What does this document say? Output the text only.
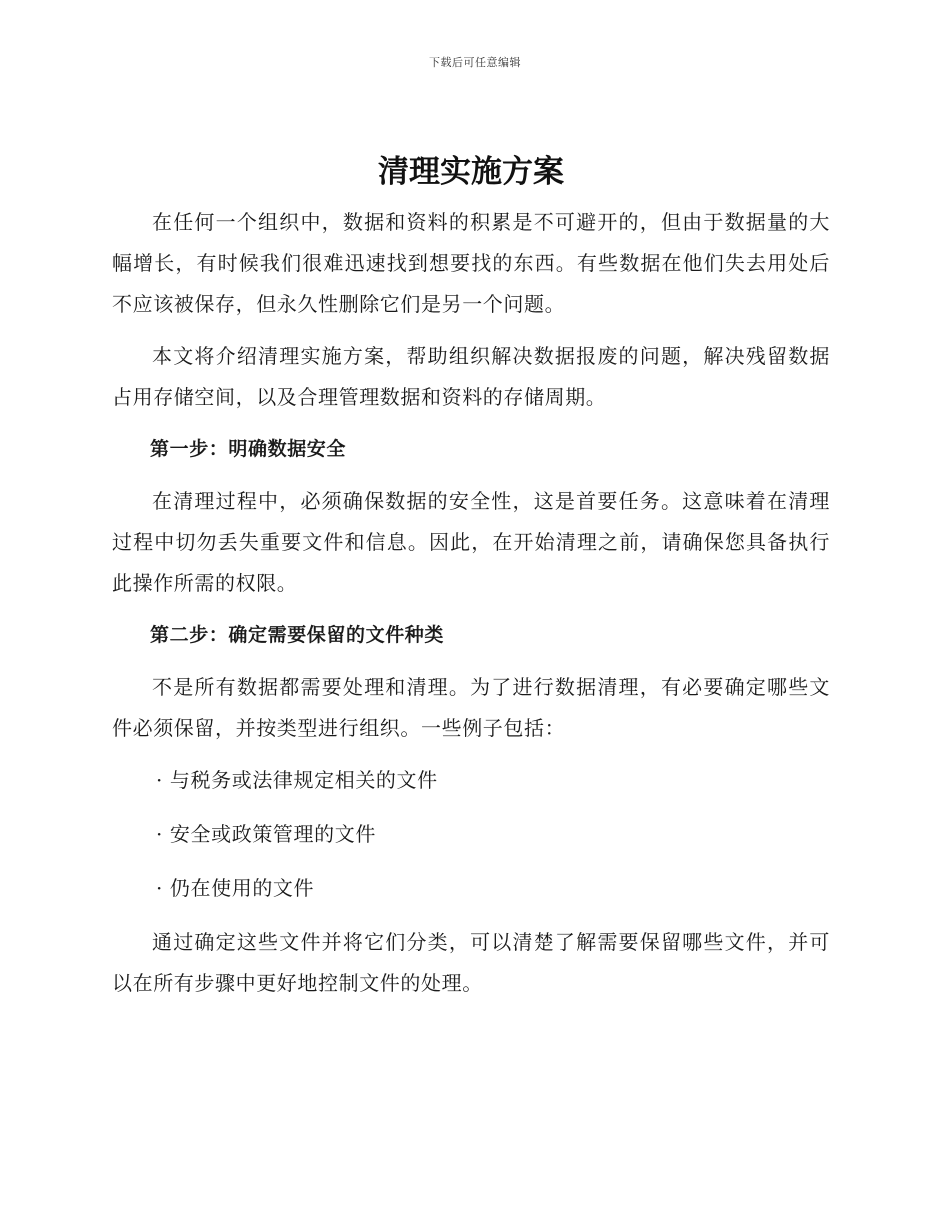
下载后可任意编辑
清理实施方案

在任何一个组织中，数据和资料的积累是不可避开的，但由于数据量的大幅增长，有时候我们很难迅速找到想要找的东西。有些数据在他们失去用处后不应该被保存，但永久性删除它们是另一个问题。

本文将介绍清理实施方案，帮助组织解决数据报废的问题，解决残留数据占用存储空间，以及合理管理数据和资料的存储周期。

第一步：明确数据安全

在清理过程中，必须确保数据的安全性，这是首要任务。这意味着在清理过程中切勿丢失重要文件和信息。因此，在开始清理之前，请确保您具备执行此操作所需的权限。

第二步：确定需要保留的文件种类

不是所有数据都需要处理和清理。为了进行数据清理，有必要确定哪些文件必须保留，并按类型进行组织。一些例子包括：

· 与税务或法律规定相关的文件

· 安全或政策管理的文件

· 仍在使用的文件

通过确定这些文件并将它们分类，可以清楚了解需要保留哪些文件，并可以在所有步骤中更好地控制文件的处理。
